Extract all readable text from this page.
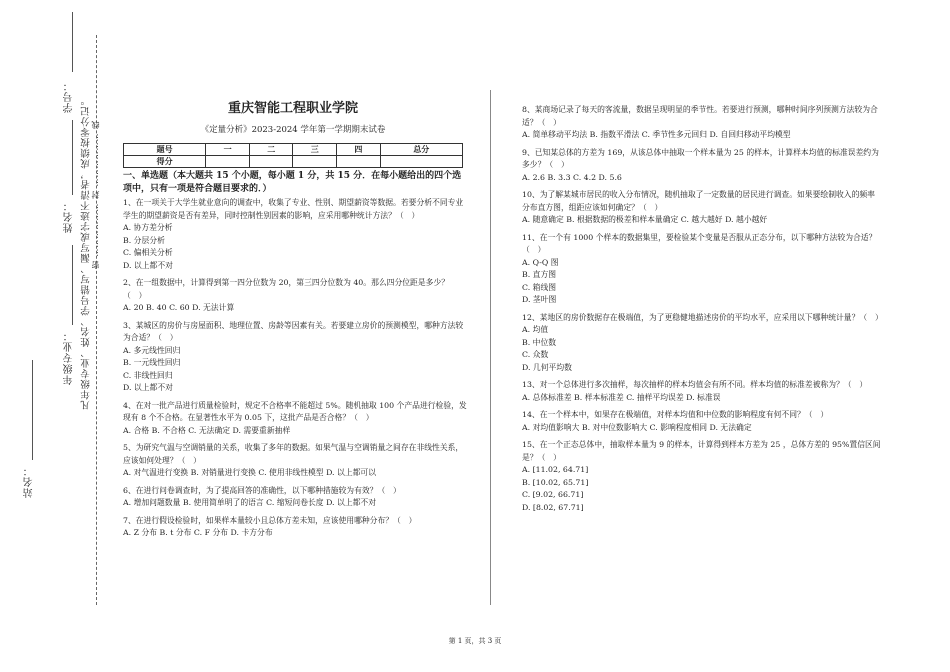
学号：
姓名：
年级专业：
站名：
凡年级专业、姓名、学号错写、漏写或字迹不清者，成绩按零分记。 密 ……………… 封 ……………… 线
重庆智能工程职业学院
《定量分析》2023-2024 学年第一学期期末试卷
题号	一	二	三	四	总分
得分					
一、单选题（本大题共 15 个小题，每小题 1 分，共 15 分．在每小题给出的四个选项中，只有一项是符合题目要求的．）

1、在一项关于大学生就业意向的调查中，收集了专业、性别、期望薪资等数据。若要分析不同专业学生的期望薪资是否有差异，同时控制性别因素的影响，应采用哪种统计方法？（　）
A. 协方差分析
B. 分层分析
C. 偏相关分析
D. 以上都不对

2、在一组数据中，计算得到第一四分位数为 20，第三四分位数为 40。那么四分位距是多少？（　）
A. 20 B. 40 C. 60 D. 无法计算

3、某城区的房价与房屋面积、地理位置、房龄等因素有关。若要建立房价的预测模型，哪种方法较为合适？（　）
A. 多元线性回归
B. 一元线性回归
C. 非线性回归
D. 以上都不对

4、在对一批产品进行质量检验时，规定不合格率不能超过 5%。随机抽取 100 个产品进行检验，发现有 8 个不合格。在显著性水平为 0.05 下，这批产品是否合格？（　）
A. 合格 B. 不合格 C. 无法确定 D. 需要重新抽样

5、为研究气温与空调销量的关系，收集了多年的数据。如果气温与空调销量之间存在非线性关系，应该如何处理？（　）
A. 对气温进行变换 B. 对销量进行变换 C. 使用非线性模型 D. 以上都可以

6、在进行问卷调查时，为了提高回答的准确性，以下哪种措施较为有效？（　）
A. 增加问题数量 B. 使用简单明了的语言 C. 缩短问卷长度 D. 以上都不对

7、在进行假设检验时，如果样本量较小且总体方差未知，应该使用哪种分布？（　）
A. Z 分布 B. t 分布 C. F 分布 D. 卡方分布

8、某商场记录了每天的客流量，数据呈现明显的季节性。若要进行预测，哪种时间序列预测方法较为合适？（　）
A. 简单移动平均法 B. 指数平滑法 C. 季节性多元回归 D. 自回归移动平均模型

9、已知某总体的方差为 169，从该总体中抽取一个样本量为 25 的样本，计算样本均值的标准误差约为多少？（　）
A. 2.6 B. 3.3 C. 4.2 D. 5.6

10、为了解某城市居民的收入分布情况，随机抽取了一定数量的居民进行调查。如果要绘制收入的频率分布直方图，组距应该如何确定？（　）
A. 随意确定 B. 根据数据的极差和样本量确定 C. 越大越好 D. 越小越好

11、在一个有 1000 个样本的数据集里，要检验某个变量是否服从正态分布，以下哪种方法较为合适？（　）
A. Q-Q 图
B. 直方图
C. 箱线图
D. 茎叶图

12、某地区的房价数据存在极端值，为了更稳健地描述房价的平均水平，应采用以下哪种统计量？（　）
A. 均值
B. 中位数
C. 众数
D. 几何平均数

13、对一个总体进行多次抽样，每次抽样的样本均值会有所不同。样本均值的标准差被称为？（　）
A. 总体标准差 B. 样本标准差 C. 抽样平均误差 D. 标准误

14、在一个样本中，如果存在极端值，对样本均值和中位数的影响程度有何不同？（　）
A. 对均值影响大 B. 对中位数影响大 C. 影响程度相同 D. 无法确定

15、在一个正态总体中，抽取样本量为 9 的样本，计算得到样本方差为 25 ，总体方差的 95%置信区间是？（　）
A. [11.02, 64.71]
B. [10.02, 65.71]
C. [9.02, 66.71]
D. [8.02, 67.71]

第 1 页，共 3 页
